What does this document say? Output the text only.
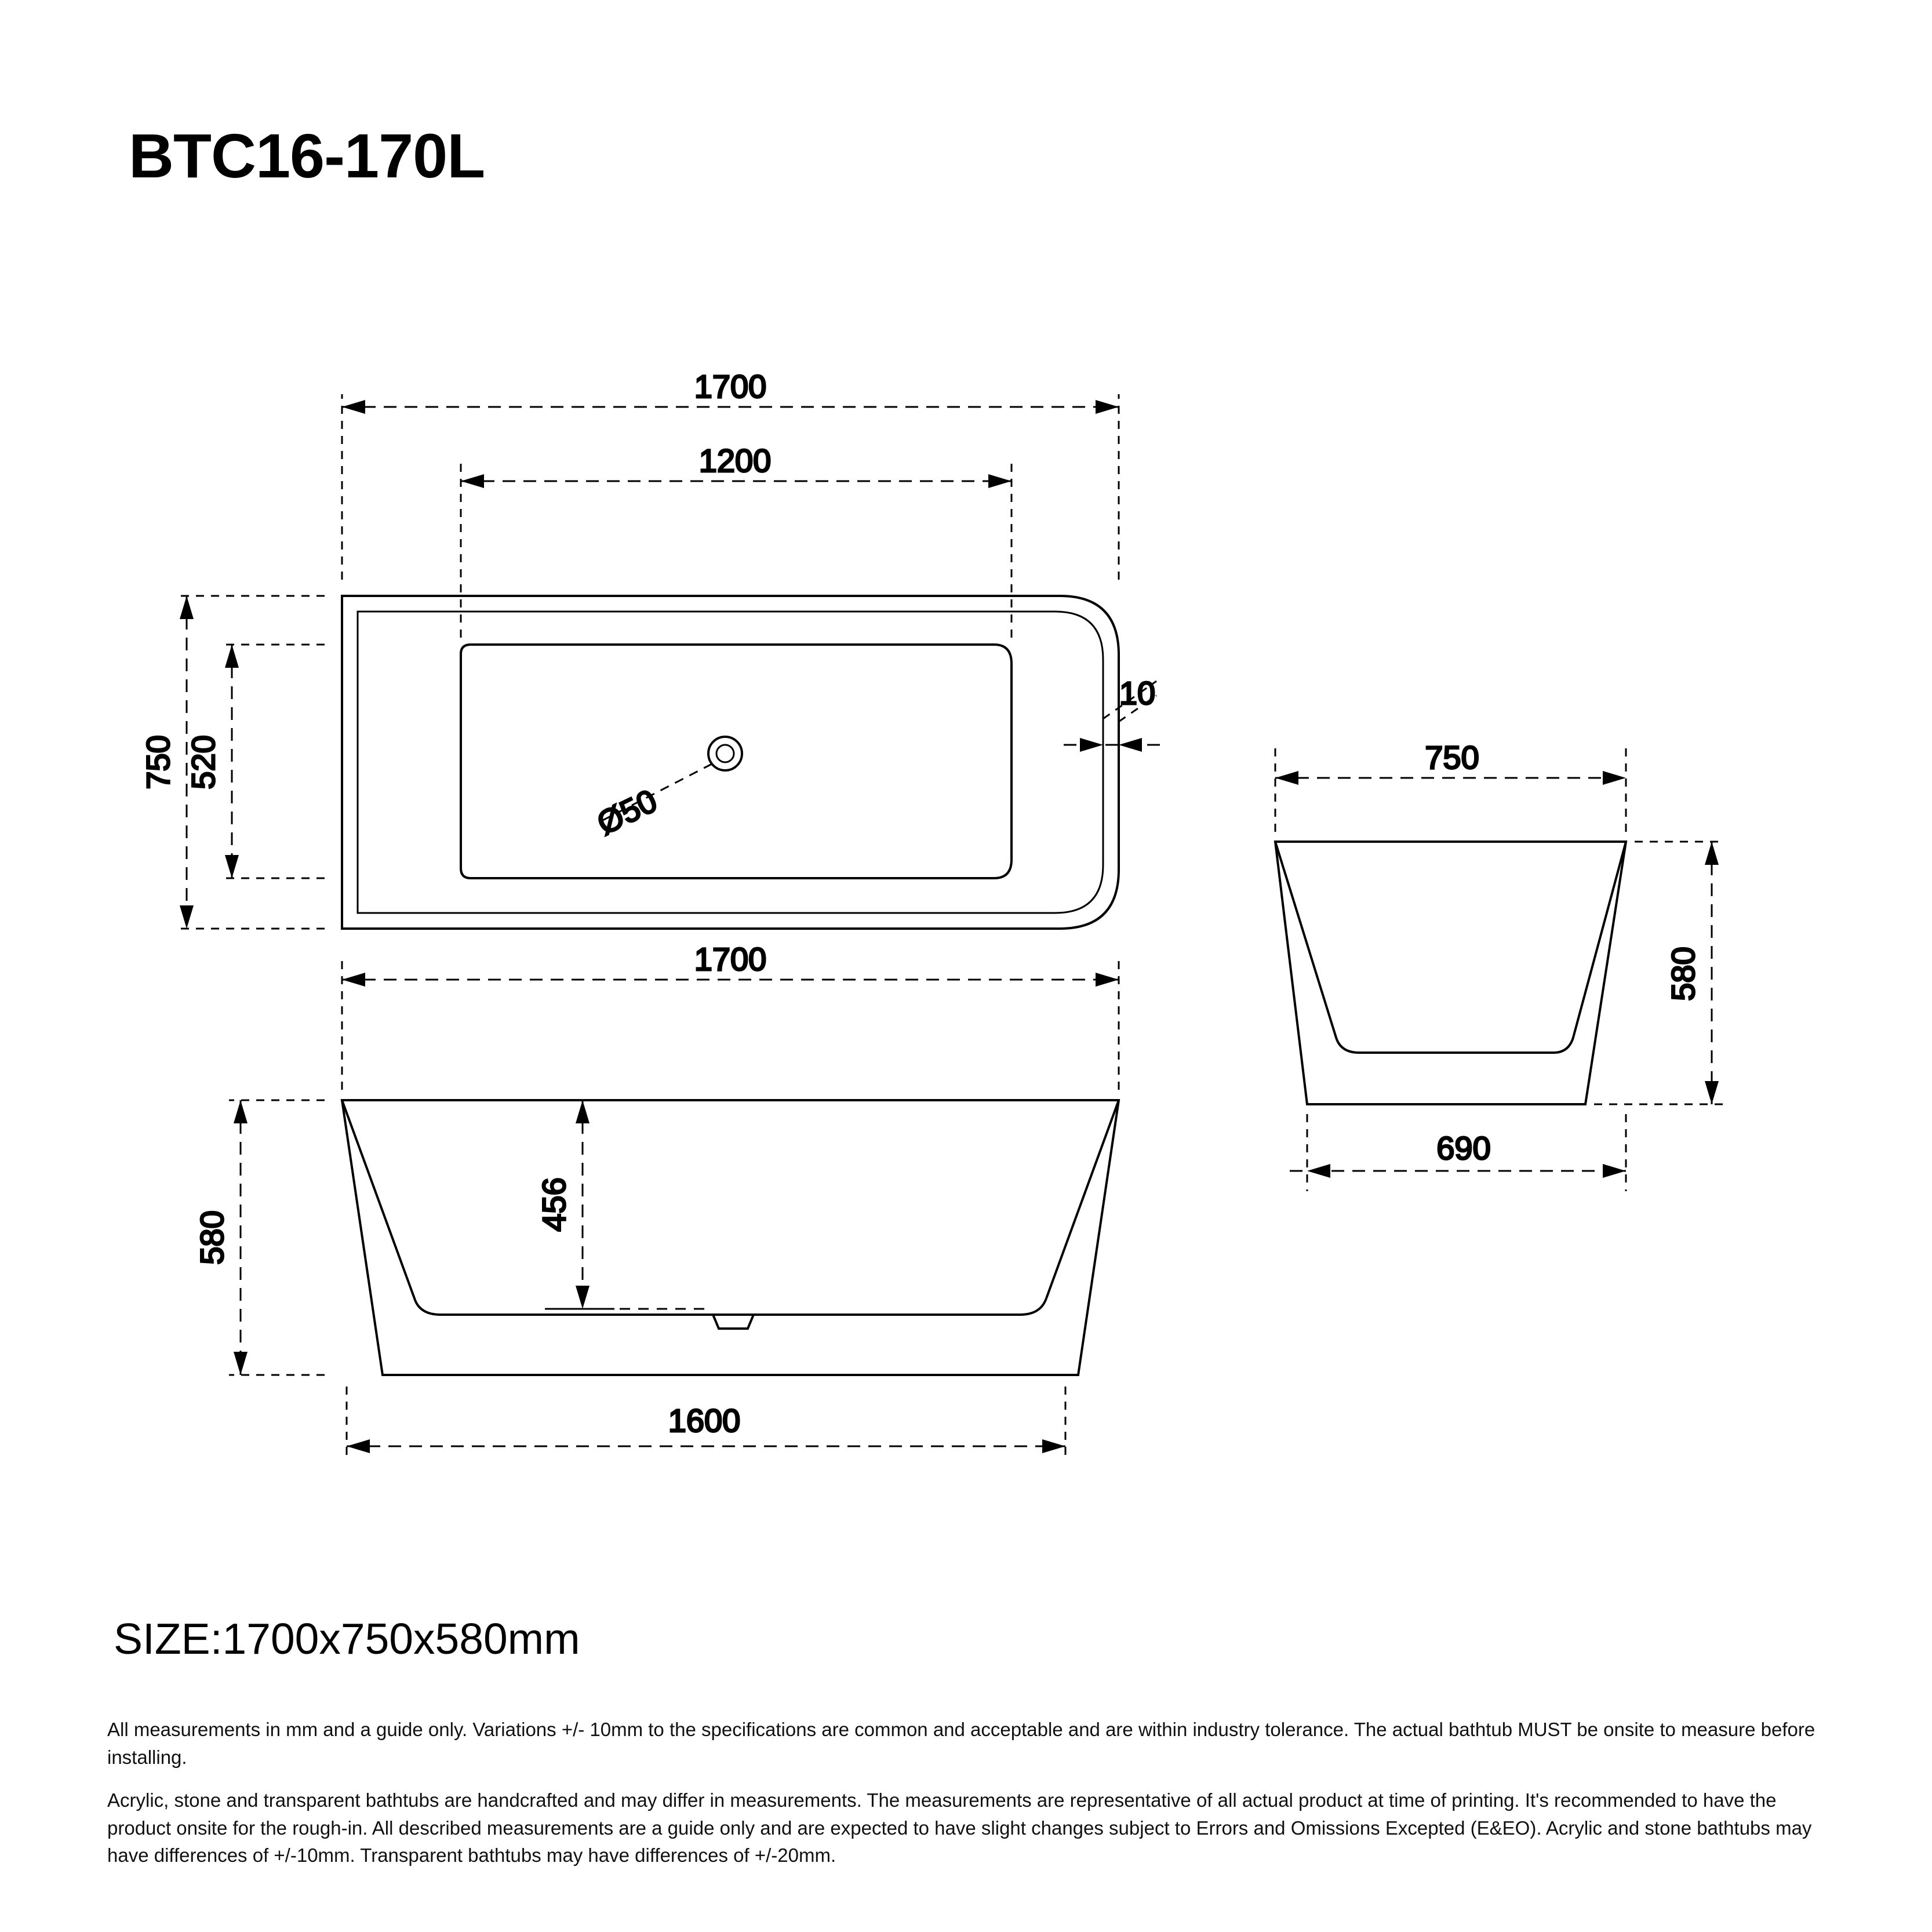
BTC16-170L
1700
1200
750 520
10
Ø50
1700
580
456
1600
750
580
690
SIZE:1700x750x580mm

All measurements in mm and a guide only. Variations +/- 10mm to the specifications are common and acceptable and are within industry tolerance. The actual bathtub MUST be onsite to measure before installing.

Acrylic, stone and transparent bathtubs are handcrafted and may differ in measurements. The measurements are representative of all actual product at time of printing. It's recommended to have the product onsite for the rough-in. All described measurements are a guide only and are expected to have slight changes subject to Errors and Omissions Excepted (E&EO). Acrylic and stone bathtubs may have differences of +/-10mm. Transparent bathtubs may have differences of +/-20mm.
